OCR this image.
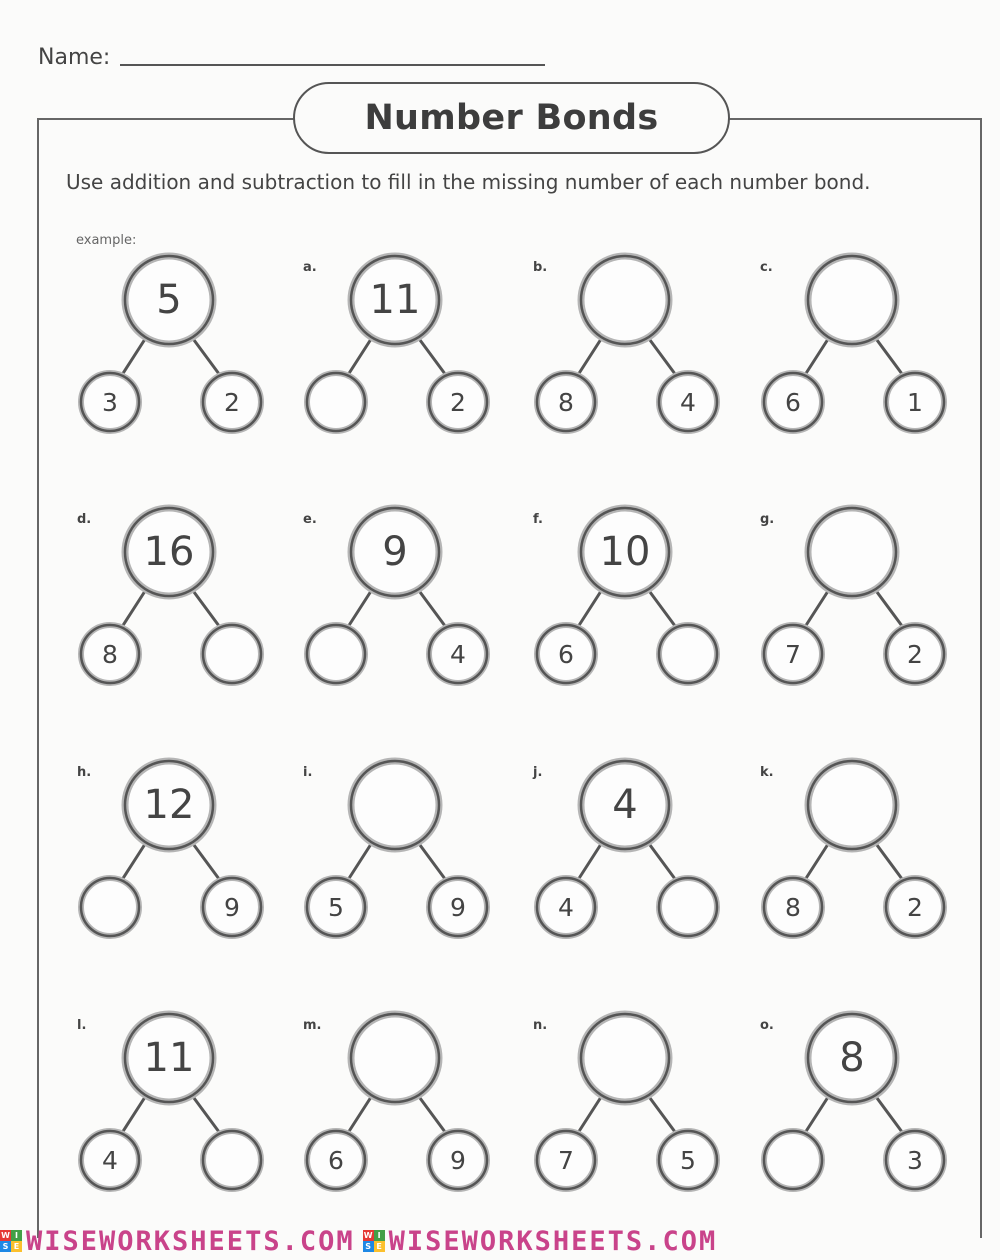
Name:
Number Bonds
Use addition and subtraction to fill in the missing number of each number bond.
example:
5
3	2
a.
11
2
b.
8	4
c.
6	1
d.
16
8
e.
9
4
f.
10
6
g.
7	2
h.
12
9
i.
5	9
j.
4
4
k.
8	2
l.
11
4
m.
6	9
n.
7	5
o.
8
3
W I
S E WISEWORKSHEETS.COM W I
S E WISEWORKSHEETS.COM
